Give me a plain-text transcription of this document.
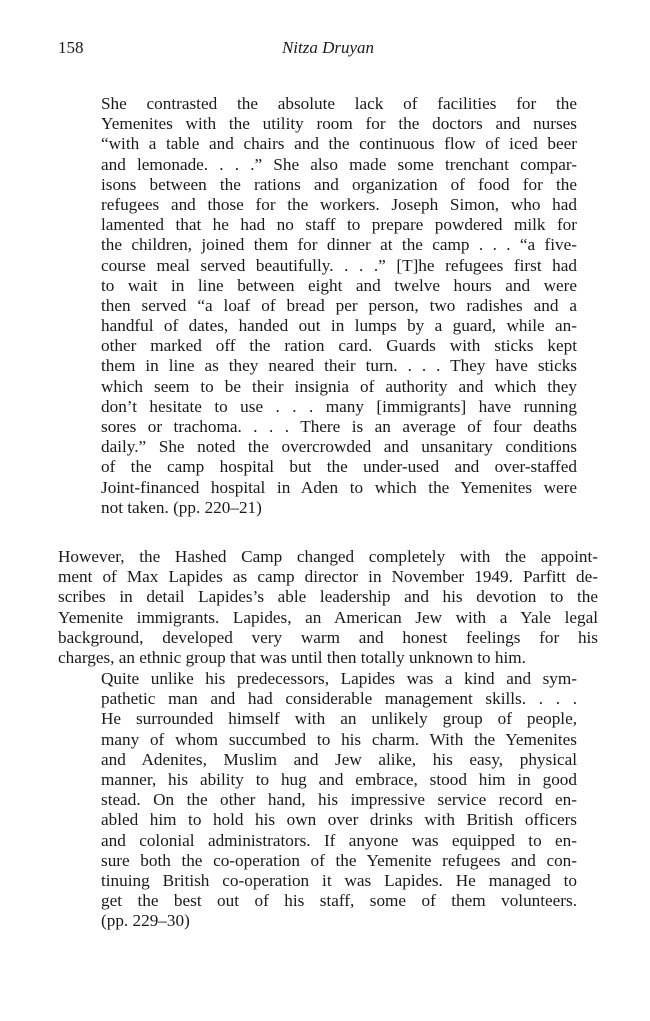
158	Nitza Druyan
She contrasted the absolute lack of facilities for the
Yemenites with the utility room for the doctors and nurses
“with a table and chairs and the continuous flow of iced beer
and lemonade. . . .” She also made some trenchant compar-
isons between the rations and organization of food for the
refugees and those for the workers. Joseph Simon, who had
lamented that he had no staff to prepare powdered milk for
the children, joined them for dinner at the camp . . . “a five-
course meal served beautifully. . . .” [T]he refugees first had
to wait in line between eight and twelve hours and were
then served “a loaf of bread per person, two radishes and a
handful of dates, handed out in lumps by a guard, while an-
other marked off the ration card. Guards with sticks kept
them in line as they neared their turn. . . . They have sticks
which seem to be their insignia of authority and which they
don’t hesitate to use . . . many [immigrants] have running
sores or trachoma. . . . There is an average of four deaths
daily.” She noted the overcrowded and unsanitary conditions
of the camp hospital but the under-used and over-staffed
Joint-financed hospital in Aden to which the Yemenites were
not taken. (pp. 220–21)
However, the Hashed Camp changed completely with the appoint-
ment of Max Lapides as camp director in November 1949. Parfitt de-
scribes in detail Lapides’s able leadership and his devotion to the
Yemenite immigrants. Lapides, an American Jew with a Yale legal
background, developed very warm and honest feelings for his
charges, an ethnic group that was until then totally unknown to him.
Quite unlike his predecessors, Lapides was a kind and sym-
pathetic man and had considerable management skills. . . .
He surrounded himself with an unlikely group of people,
many of whom succumbed to his charm. With the Yemenites
and Adenites, Muslim and Jew alike, his easy, physical
manner, his ability to hug and embrace, stood him in good
stead. On the other hand, his impressive service record en-
abled him to hold his own over drinks with British officers
and colonial administrators. If anyone was equipped to en-
sure both the co-operation of the Yemenite refugees and con-
tinuing British co-operation it was Lapides. He managed to
get the best out of his staff, some of them volunteers.
(pp. 229–30)
